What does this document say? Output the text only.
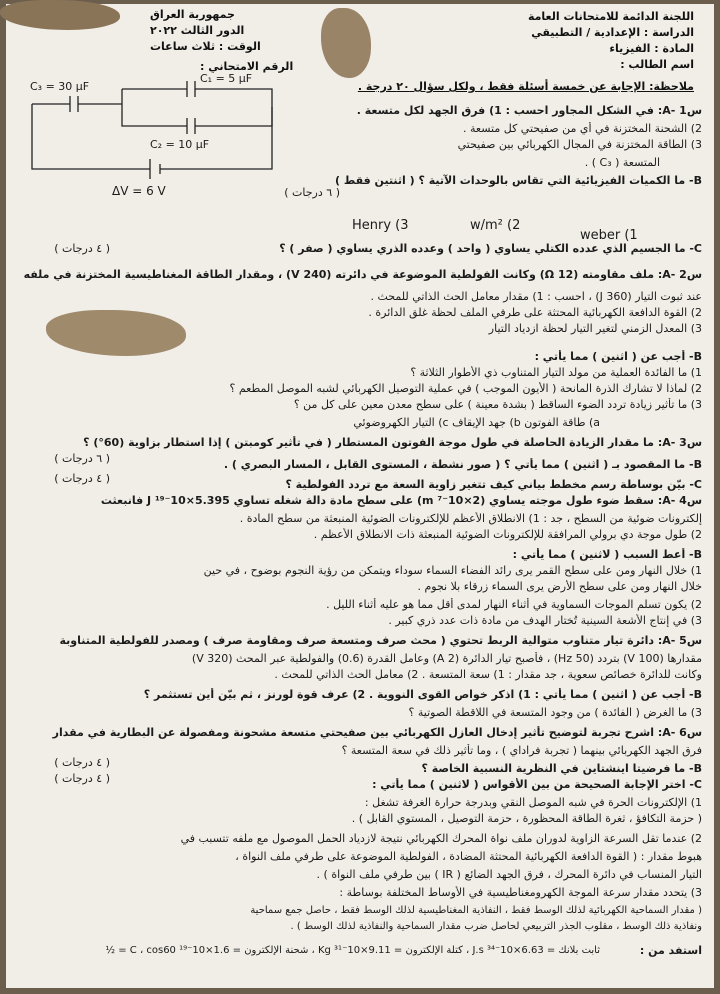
اللجنة الدائمة للامتحانات العامة
الدراسة : الإعدادية / التطبيقي
المادة : الفيزياء
اسم الطالب :
جمهورية العراق
الدور الثالث ٢٠٢٢
الوقت : ثلاث ساعات
الرقم الامتحاني :
ملاحظة: الإجابة عن خمسة أسئلة فقط ، ولكل سؤال ٢٠ درجة .
C₃ = 30 μF
C₁ = 5 μF
C₂ = 10 μF
ΔV = 6 V
س1 -A: في الشكل المجاور احسب : 1) فرق الجهد لكل متسعة .
2) الشحنة المختزنة في أي من صفيحتي كل متسعة .
3) الطاقة المختزنة في المجال الكهربائي بين صفيحتي
المتسعة ( C₃ ) .
B- ما الكميات الفيزيائية التي تقاس بالوحدات الآتية ؟ ( اثنتين فقط )
( ٦ درجات )
Henry (3	w/m² (2
weber (1
C- ما الجسيم الذي عدده الكتلي يساوي ( واحد ) وعدده الذري يساوي ( صفر ) ؟
( ٤ درجات )
س2 -A: ملف مقاومته (12 Ω) وكانت الفولطية الموضوعة في دائرته (240 V) ، ومقدار الطاقة المغناطيسية المختزنة في ملفه
عند ثبوت التيار (360 J) ، احسب : 1) مقدار معامل الحث الذاتي للمحث .
2) القوة الدافعة الكهربائية المحتثة على طرفي الملف لحظة غلق الدائرة .
3) المعدل الزمني لتغير التيار لحظة ازدياد التيار
B- أجب عن ( اثنين ) مما يأتي :
1) ما الفائدة العملية من مولد التيار المتناوب ذي الأطوار الثلاثة ؟
2) لماذا لا تشارك الذرة المانحة ( الأيون الموجب ) في عملية التوصيل الكهربائي لشبه الموصل المطعم ؟
3) ما تأثير زيادة تردد الضوء الساقط ( بشدة معينة ) على سطح معدن معين على كل من ؟
a) طاقة الفوتون b) جهد الإيقاف c) التيار الكهروضوئي
س3 -A: ما مقدار الزيادة الحاصلة في طول موجة الفوتون المستطار ( في تأثير كومبتن ) إذا استطار بزاوية (60°) ؟
B- ما المقصود بـ ( اثنين ) مما يأتي ؟ ( صور نشطة ، المستوى القابل ، المسار البصري ) .
( ٦ درجات )
C- بيّن بوساطة رسم مخطط بياني كيف تتغير زاوية السعة مع تردد الفولطية ؟
( ٤ درجات )
س4 -A: سقط ضوء طول موجته يساوي (2×10⁻⁷ m) على سطح مادة دالة شغله تساوي 5.395×10⁻¹⁹ J فانبعثت
إلكترونات ضوئية من السطح ، جد : 1) الانطلاق الأعظم للإلكترونات الضوئية المنبعثة من سطح المادة .
2) طول موجة دي برولي المرافقة للإلكترونات الضوئية المنبعثة ذات الانطلاق الأعظم .
B- أعط السبب ( لاثنين ) مما يأتي :
1) خلال النهار ومن على سطح القمر يرى رائد الفضاء السماء سوداء ويتمكن من رؤية النجوم بوضوح ، في حين
خلال النهار ومن على سطح الأرض يرى السماء زرقاء بلا نجوم .
2) يكون تسلم الموجات السماوية في أثناء النهار لمدى أقل مما هو عليه أثناء الليل .
3) في إنتاج الأشعة السينية تُختار الهدف من مادة ذات عدد ذري كبير .
س5 -A: دائرة تيار متناوب متوالية الربط تحتوي ( محث صرف ومتسعة صرف ومقاومة صرف ) ومصدر للفولطية المتناوبة
مقدارها (100 V) بتردد (50 Hz) ، فأصبح تيار الدائرة (2 A) وعامل القدرة (0.6) والفولطية عبر المحث (320 V)
وكانت للدائرة خصائص سعوية ، جد مقدار : 1) سعة المتسعة . 2) معامل الحث الذاتي للمحث .
B- أجب عن ( اثنين ) مما يأتي : 1) اذكر خواص القوى النووية . 2) عرف قوة لورنز ، ثم بيّن أين تستثمر ؟
3) ما الغرض ( الفائدة ) من وجود المتسعة في اللاقطة الصوتية ؟
س6 -A: اشرح تجربة لتوضيح تأثير إدخال العازل الكهربائي بين صفيحتي متسعة مشحونة ومفصولة عن البطارية في مقدار
فرق الجهد الكهربائي بينهما ( تجربة فراداي ) ، وما تأثير ذلك في سعة المتسعة ؟
( ٤ درجات )	B- ما فرضيتا اينشتاين في النظرية النسبية الخاصة ؟
( ٤ درجات )	C- اختر الإجابة الصحيحة من بين الأقواس ( لاثنين ) مما يأتي :
1) الإلكترونات الحرة في شبه الموصل النقي وبدرجة حرارة الغرفة تشغل :
( حزمة التكافؤ ، ثغرة الطاقة المحظورة ، حزمة التوصيل ، المستوي القابل ) .
2) عندما تقل السرعة الزاوية لدوران ملف نواة المحرك الكهربائي نتيجة لازدياد الحمل الموصول مع ملفه تتسبب في
هبوط مقدار : ( القوة الدافعة الكهربائية المحتثة المضادة ، الفولطية الموضوعة على طرفي ملف النواة ،
التيار المنساب في دائرة المحرك ، فرق الجهد الضائع ( IR ) بين طرفي ملف النواة ) .
3) يتحدد مقدار سرعة الموجة الكهرومغناطيسية في الأوساط المختلفة بوساطة :
( مقدار السماحية الكهربائية لذلك الوسط فقط ، النفاذية المغناطيسية لذلك الوسط فقط ، حاصل جمع سماحية
ونفاذية ذلك الوسط ، مقلوب الجذر التربيعي لحاصل ضرب مقدار السماحية والنفاذية لذلك الوسط ) .
استفد من :
ثابت بلانك = 6.63×10⁻³⁴ J.s ، كتلة الإلكترون = 9.11×10⁻³¹ Kg ، شحنة الإلكترون = 1.6×10⁻¹⁹ C ، cos60 = ½
